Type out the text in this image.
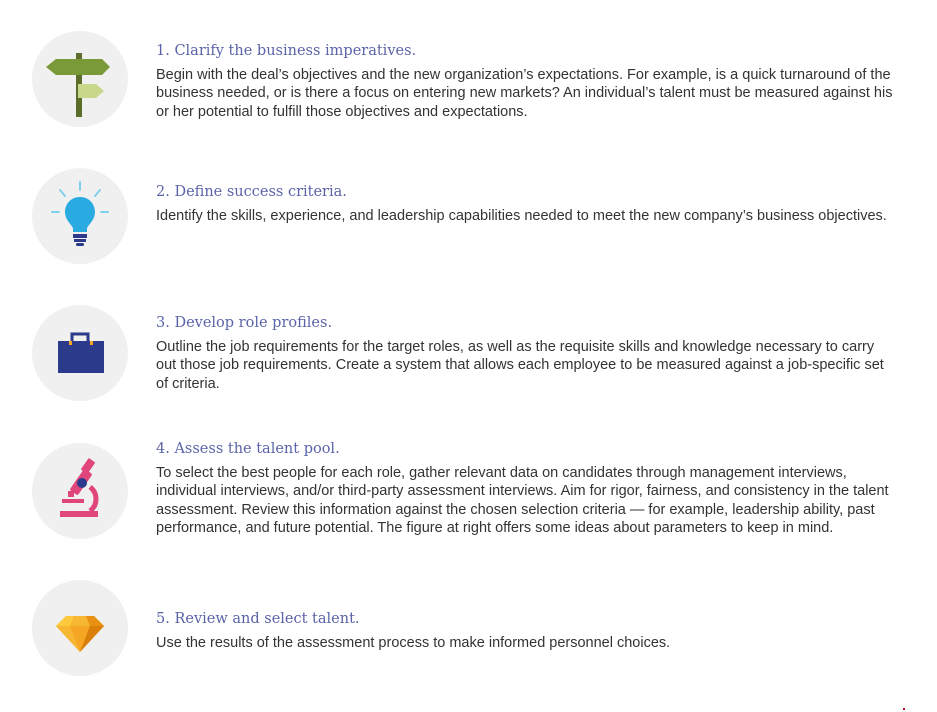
1. Clarify the business imperatives.
Begin with the deal’s objectives and the new organization’s expectations. For example, is a quick turnaround of the business needed, or is there a focus on entering new markets? An individual’s talent must be measured against his or her potential to fulfill those objectives and expectations.
2. Define success criteria.
Identify the skills, experience, and leadership capabilities needed to meet the new company’s business objectives.
3. Develop role profiles.
Outline the job requirements for the target roles, as well as the requisite skills and knowledge necessary to carry out those job requirements. Create a system that allows each employee to be measured against a job-specific set of criteria.
4. Assess the talent pool.
To select the best people for each role, gather relevant data on candidates through management interviews, individual interviews, and/or third-party assessment interviews. Aim for rigor, fairness, and consistency in the talent assessment. Review this information against the chosen selection criteria — for example, leadership ability, past performance, and future potential. The figure at right offers some ideas about parameters to keep in mind.
5. Review and select talent.
Use the results of the assessment process to make informed personnel choices.
